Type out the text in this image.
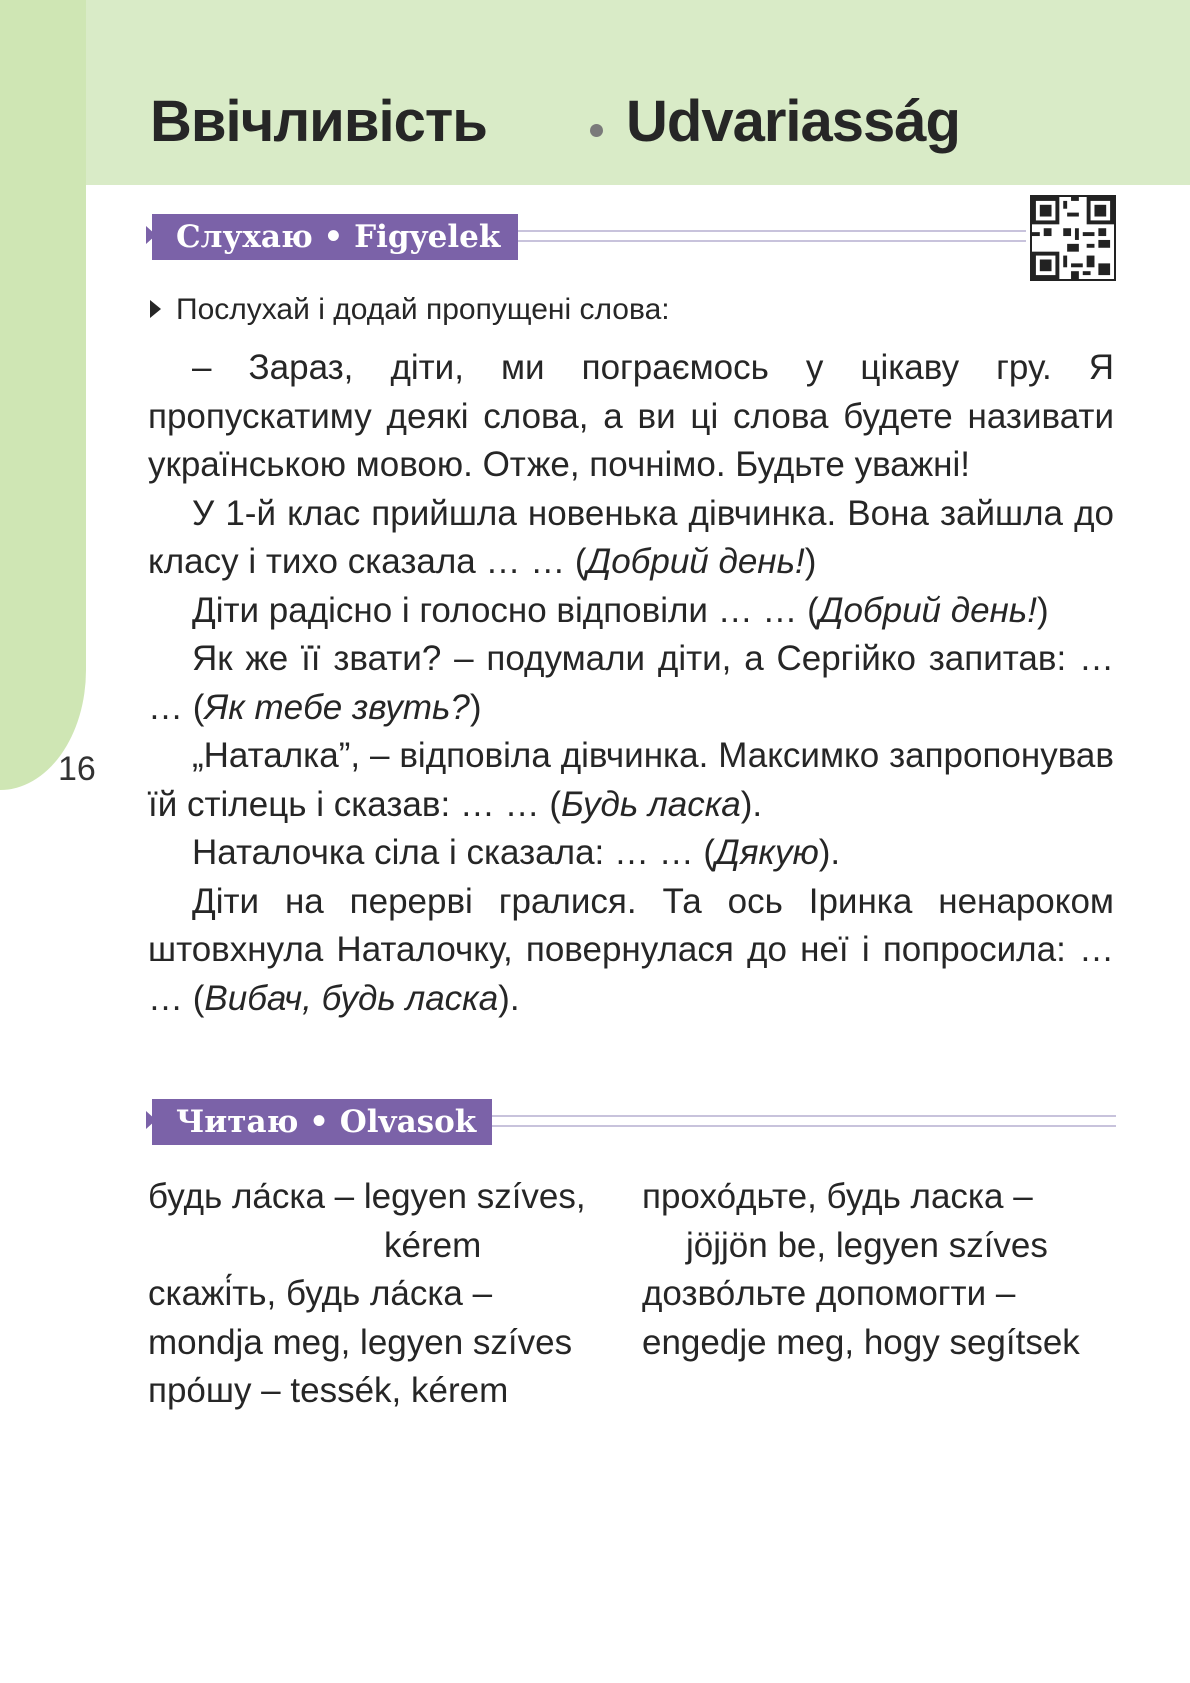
Ввічливість Udvariasság
Слухаю • Figyelek
Послухай і додай пропущені слова:

– Зараз, діти, ми пограємось у цікаву гру. Я пропускатиму деякі слова, а ви ці слова будете називати українською мовою. Отже, почнімо. Будьте уважні!

У 1-й клас прийшла новенька дівчинка. Вона зайшла до класу і тихо сказала … … (Добрий день!)

Діти радісно і голосно відповіли … … (Добрий день!)

Як же її звати? – подумали діти, а Сергійко запитав: … … (Як тебе звуть?)

„Наталка”, – відповіла дівчинка. Максимко запропонував їй стілець і сказав: … … (Будь ласка).

Наталочка сіла і сказала: … … (Дякую).

Діти на перерві гралися. Та ось Іринка ненароком штовхнула Наталочку, повернулася до неї і попросила: … … (Вибач, будь ласка).

16
Читаю • Olvasok
будь ла́ска – legyen szíves,
kérem
скажі́ть, будь ла́ска –
mondja meg, legyen szíves
про́шу – tessék, kérem
прохо́дьте, будь ласка –
jöjjön be, legyen szíves
дозво́льте допомогти –
engedje meg, hogy segítsek
